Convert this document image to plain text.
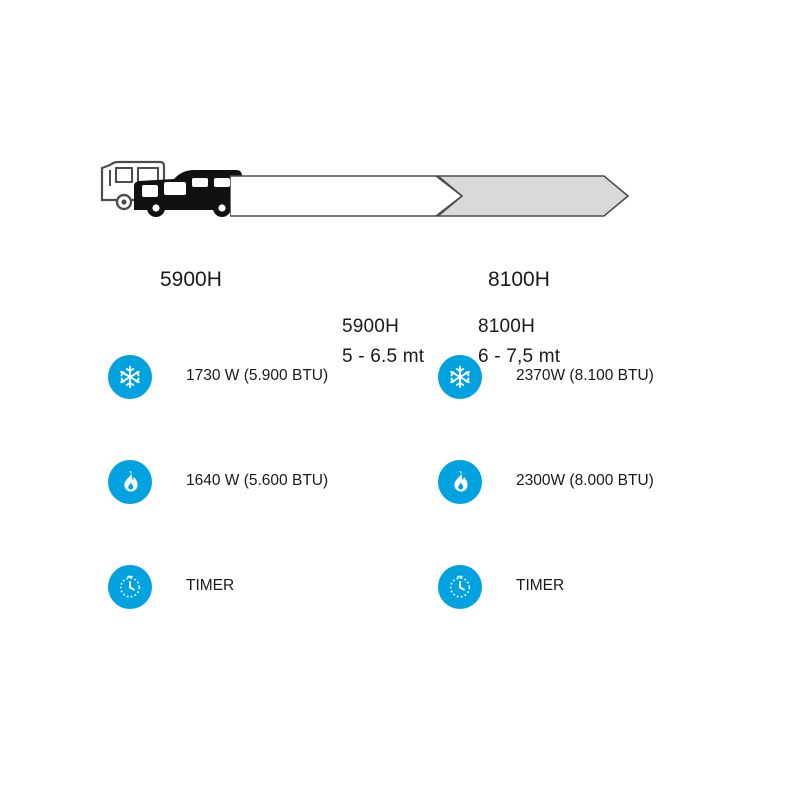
5900H
5 - 6.5 mt
8100H
6 - 7,5 mt
5900H	8100H
1730 W (5.900 BTU)
1640 W (5.600 BTU)
TIMER
2370W (8.100 BTU)
2300W (8.000 BTU)
TIMER
